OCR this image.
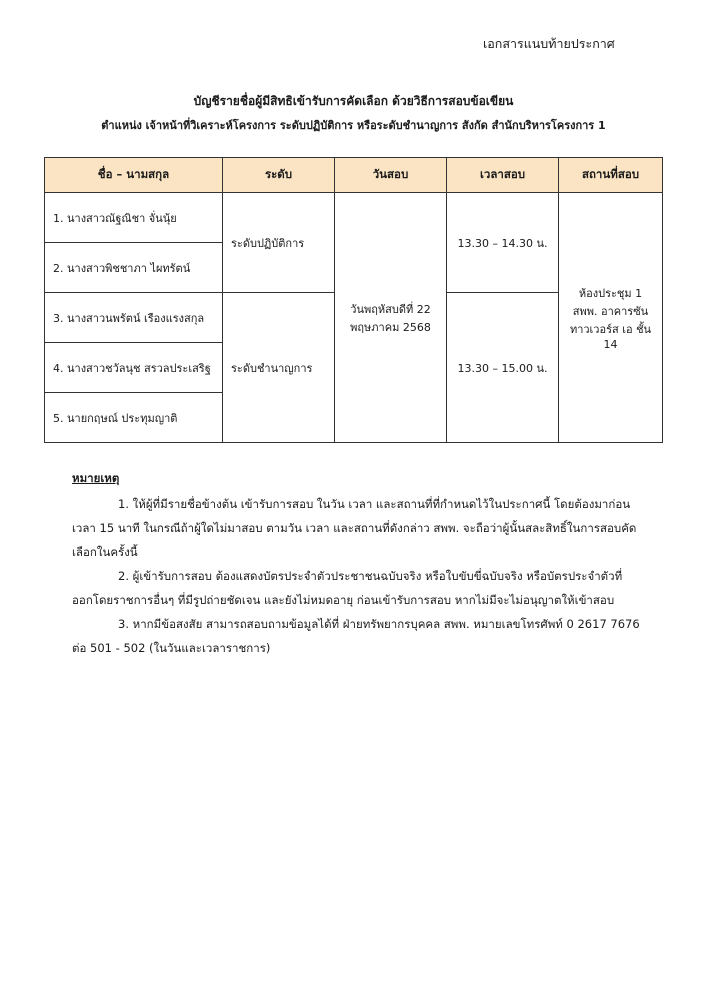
เอกสารแนบท้ายประกาศ
บัญชีรายชื่อผู้มีสิทธิเข้ารับการคัดเลือก ด้วยวิธีการสอบข้อเขียน
ตำแหน่ง เจ้าหน้าที่วิเคราะห์โครงการ ระดับปฏิบัติการ หรือระดับชำนาญการ สังกัด สำนักบริหารโครงการ 1
ชื่อ – นามสกุล	ระดับ	วันสอบ	เวลาสอบ	สถานที่สอบ
1. นางสาวณัฐณิชา จั่นนุ้ย	ระดับปฏิบัติการ	วันพฤหัสบดีที่ 22 พฤษภาคม 2568	13.30 – 14.30 น.	ห้องประชุม 1 สพพ. อาคารซันทาวเวอร์ส เอ ชั้น 14
2. นางสาวพิชชาภา ไผทรัตน์				
3. นางสาวนพรัตน์ เรืองแรงสกุล	ระดับชำนาญการ		13.30 – 15.00 น.	
4. นางสาวชวัลนุช สรวลประเสริฐ				
5. นายกฤษณ์ ประทุมญาติ				
หมายเหตุ
1. ให้ผู้ที่มีรายชื่อข้างต้น เข้ารับการสอบ ในวัน เวลา และสถานที่ที่กำหนดไว้ในประกาศนี้ โดยต้องมาก่อนเวลา 15 นาที ในกรณีถ้าผู้ใดไม่มาสอบ ตามวัน เวลา และสถานที่ดังกล่าว สพพ. จะถือว่าผู้นั้นสละสิทธิ์ในการสอบคัดเลือกในครั้งนี้
2. ผู้เข้ารับการสอบ ต้องแสดงบัตรประจำตัวประชาชนฉบับจริง หรือใบขับขี่ฉบับจริง หรือบัตรประจำตัวที่ออกโดยราชการอื่นๆ ที่มีรูปถ่ายชัดเจน และยังไม่หมดอายุ ก่อนเข้ารับการสอบ หากไม่มีจะไม่อนุญาตให้เข้าสอบ
3. หากมีข้อสงสัย สามารถสอบถามข้อมูลได้ที่ ฝ่ายทรัพยากรบุคคล สพพ. หมายเลขโทรศัพท์ 0 2617 7676 ต่อ 501 - 502 (ในวันและเวลาราชการ)
